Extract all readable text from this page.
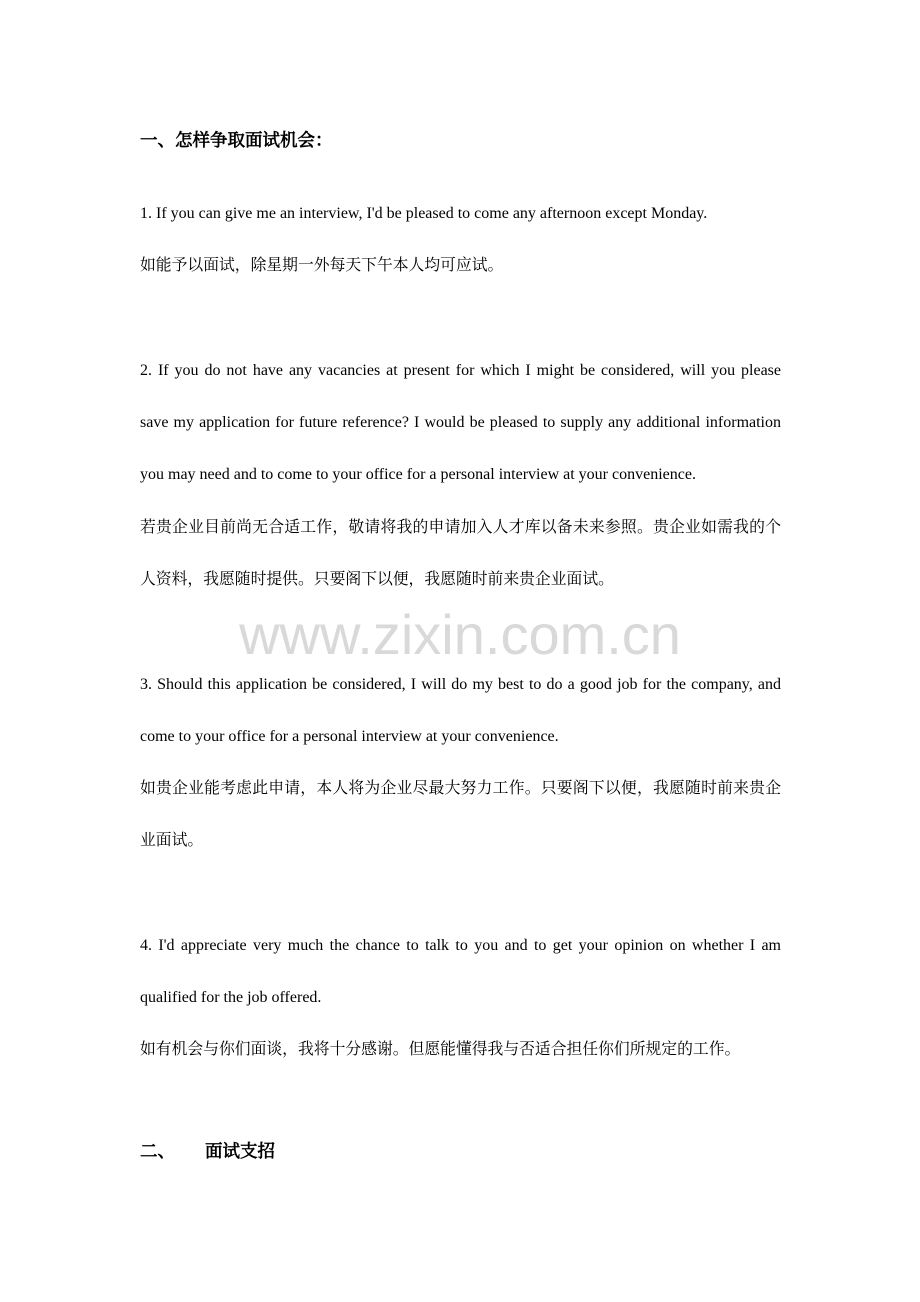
一、怎样争取面试机会：
1. If you can give me an interview, I'd be pleased to come any afternoon except Monday.
如能予以面试，除星期一外每天下午本人均可应试。
2. If you do not have any vacancies at present for which I might be considered, will you please
save my application for future reference? I would be pleased to supply any additional information
you may need and to come to your office for a personal interview at your convenience.
若贵企业目前尚无合适工作，敬请将我的申请加入人才库以备未来参照。贵企业如需我的个
人资料，我愿随时提供。只要阁下以便，我愿随时前来贵企业面试。
www.zixin.com.cn
3. Should this application be considered, I will do my best to do a good job for the company, and
come to your office for a personal interview at your convenience.
如贵企业能考虑此申请，本人将为企业尽最大努力工作。只要阁下以便，我愿随时前来贵企
业面试。
4. I'd appreciate very much the chance to talk to you and to get your opinion on whether I am
qualified for the job offered.
如有机会与你们面谈，我将十分感谢。但愿能懂得我与否适合担任你们所规定的工作。
二、 面试支招
